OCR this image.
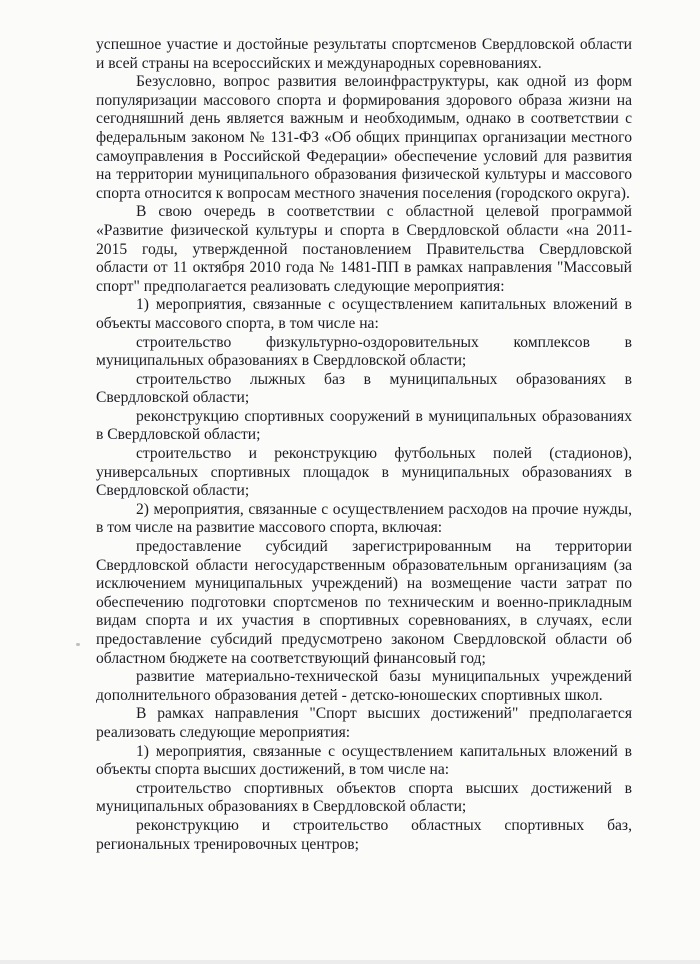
успешное участие и достойные результаты спортсменов Свердловской области и всей страны на всероссийских и международных соревнованиях.

Безусловно, вопрос развития велоинфраструктуры, как одной из форм популяризации массового спорта и формирования здорового образа жизни на сегодняшний день является важным и необходимым, однако в соответствии с федеральным законом № 131-ФЗ «Об общих принципах организации местного самоуправления в Российской Федерации» обеспечение условий для развития на территории муниципального образования физической культуры и массового спорта относится к вопросам местного значения поселения (городского округа).

В свою очередь в соответствии с областной целевой программой «Развитие физической культуры и спорта в Свердловской области «на 2011-2015 годы, утвержденной постановлением Правительства Свердловской области от 11 октября 2010 года № 1481-ПП в рамках направления "Массовый спорт" предполагается реализовать следующие мероприятия:

1) мероприятия, связанные с осуществлением капитальных вложений в объекты массового спорта, в том числе на:

строительство физкультурно-оздоровительных комплексов в муниципальных образованиях в Свердловской области;

строительство лыжных баз в муниципальных образованиях в Свердловской области;

реконструкцию спортивных сооружений в муниципальных образованиях в Свердловской области;

строительство и реконструкцию футбольных полей (стадионов), универсальных спортивных площадок в муниципальных образованиях в Свердловской области;

2) мероприятия, связанные с осуществлением расходов на прочие нужды, в том числе на развитие массового спорта, включая:

предоставление субсидий зарегистрированным на территории Свердловской области негосударственным образовательным организациям (за исключением муниципальных учреждений) на возмещение части затрат по обеспечению подготовки спортсменов по техническим и военно-прикладным видам спорта и их участия в спортивных соревнованиях, в случаях, если предоставление субсидий предусмотрено законом Свердловской области об областном бюджете на соответствующий финансовый год;

развитие материально-технической базы муниципальных учреждений дополнительного образования детей - детско-юношеских спортивных школ.

В рамках направления "Спорт высших достижений" предполагается реализовать следующие мероприятия:

1) мероприятия, связанные с осуществлением капитальных вложений в объекты спорта высших достижений, в том числе на:

строительство спортивных объектов спорта высших достижений в муниципальных образованиях в Свердловской области;

реконструкцию и строительство областных спортивных баз, региональных тренировочных центров;
